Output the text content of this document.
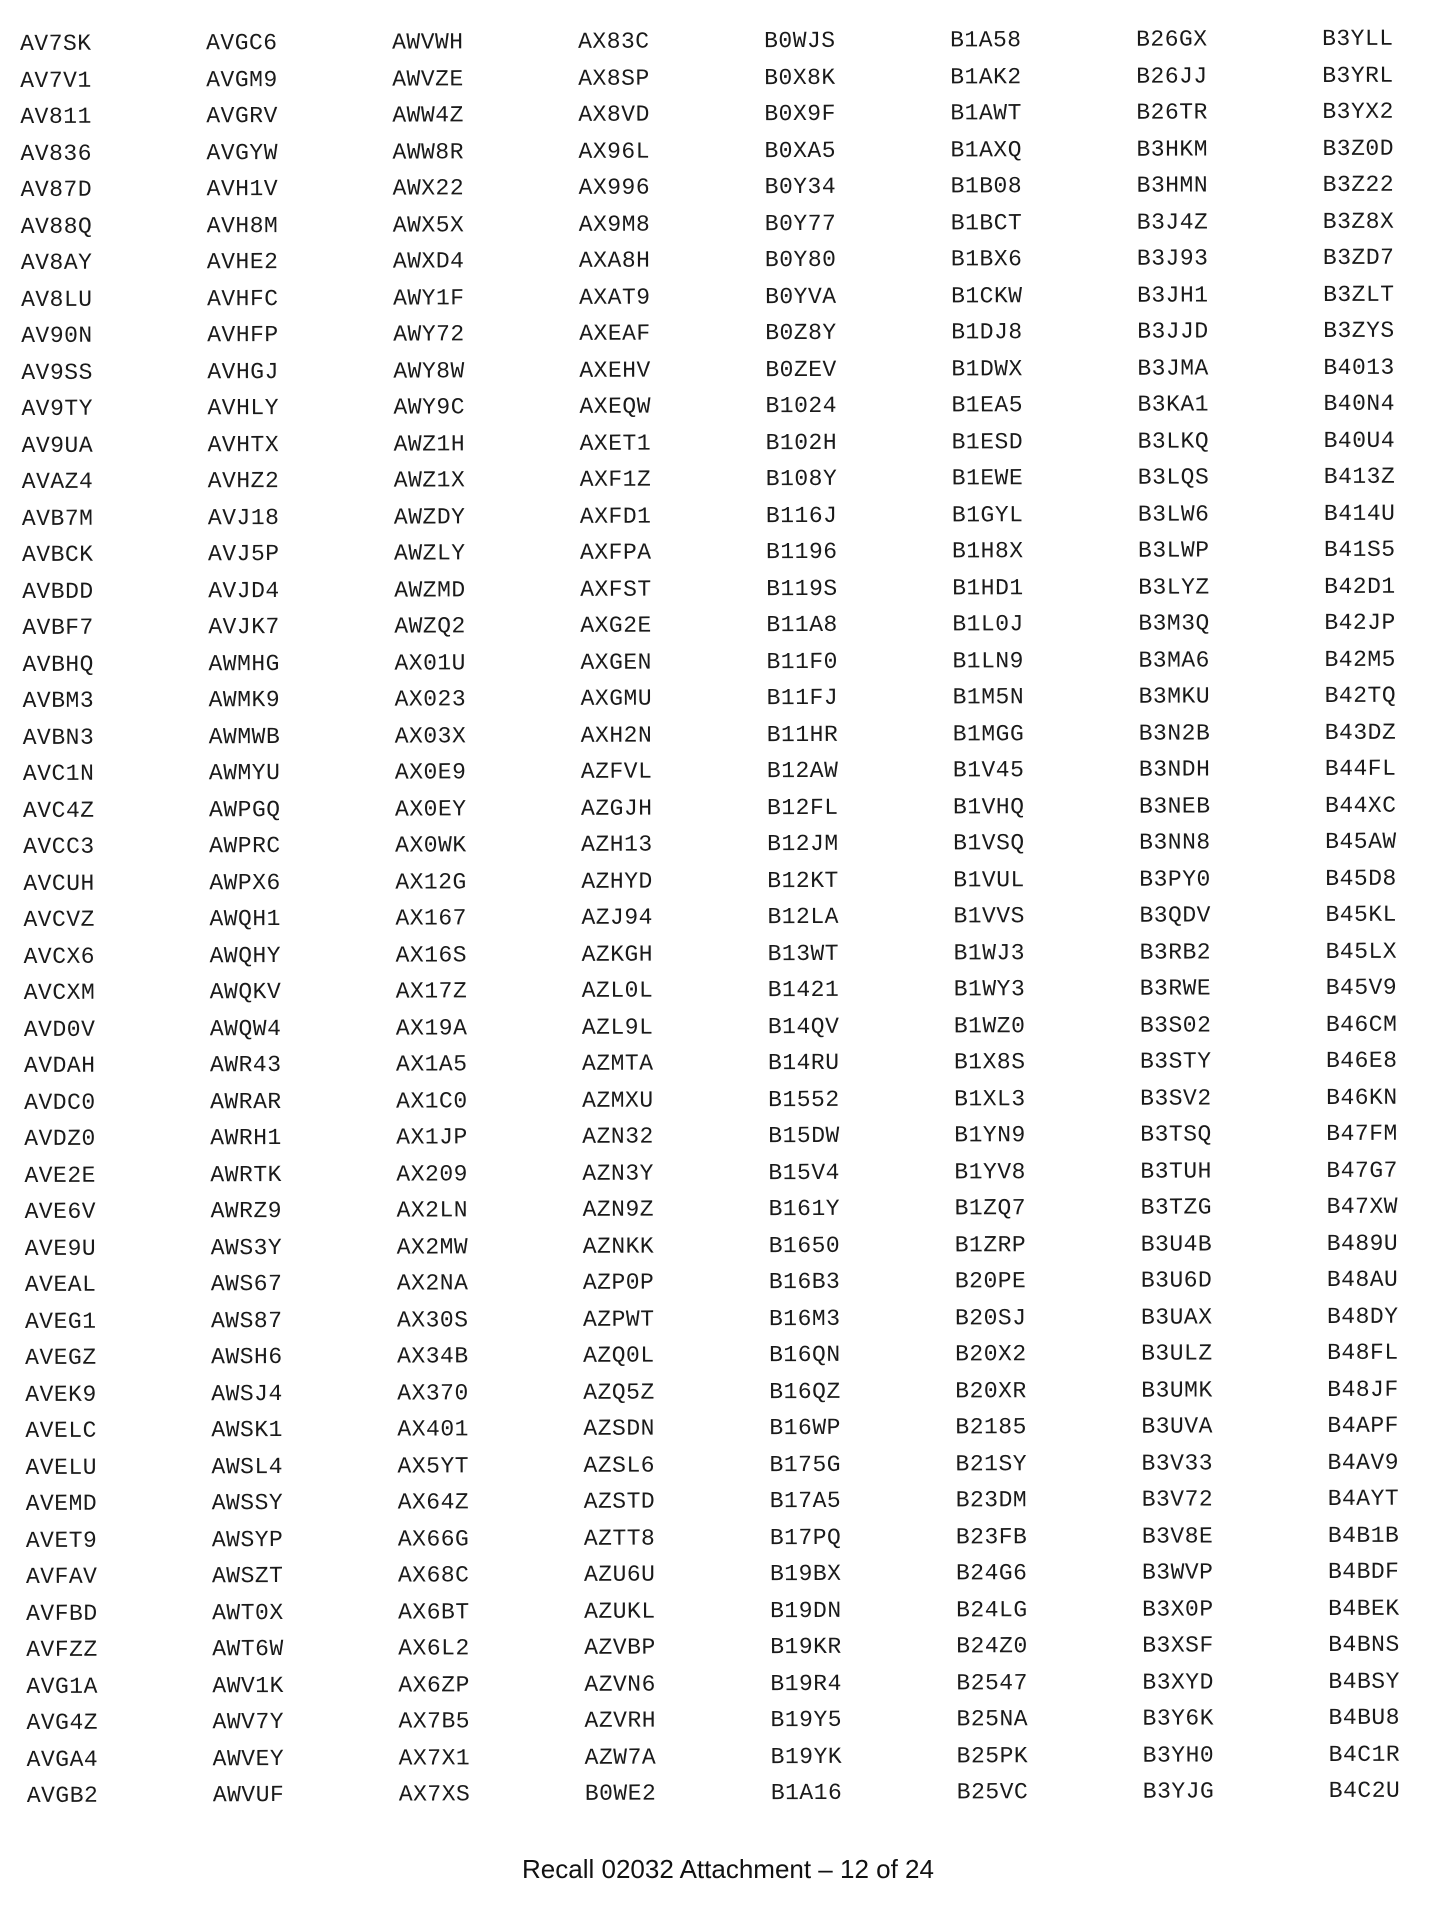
AV7SK
AV7V1
AV811
AV836
AV87D
AV88Q
AV8AY
AV8LU
AV90N
AV9SS
AV9TY
AV9UA
AVAZ4
AVB7M
AVBCK
AVBDD
AVBF7
AVBHQ
AVBM3
AVBN3
AVC1N
AVC4Z
AVCC3
AVCUH
AVCVZ
AVCX6
AVCXM
AVD0V
AVDAH
AVDC0
AVDZ0
AVE2E
AVE6V
AVE9U
AVEAL
AVEG1
AVEGZ
AVEK9
AVELC
AVELU
AVEMD
AVET9
AVFAV
AVFBD
AVFZZ
AVG1A
AVG4Z
AVGA4
AVGB2
AVGC6
AVGM9
AVGRV
AVGYW
AVH1V
AVH8M
AVHE2
AVHFC
AVHFP
AVHGJ
AVHLY
AVHTX
AVHZ2
AVJ18
AVJ5P
AVJD4
AVJK7
AWMHG
AWMK9
AWMWB
AWMYU
AWPGQ
AWPRC
AWPX6
AWQH1
AWQHY
AWQKV
AWQW4
AWR43
AWRAR
AWRH1
AWRTK
AWRZ9
AWS3Y
AWS67
AWS87
AWSH6
AWSJ4
AWSK1
AWSL4
AWSSY
AWSYP
AWSZT
AWT0X
AWT6W
AWV1K
AWV7Y
AWVEY
AWVUF
AWVWH
AWVZE
AWW4Z
AWW8R
AWX22
AWX5X
AWXD4
AWY1F
AWY72
AWY8W
AWY9C
AWZ1H
AWZ1X
AWZDY
AWZLY
AWZMD
AWZQ2
AX01U
AX023
AX03X
AX0E9
AX0EY
AX0WK
AX12G
AX167
AX16S
AX17Z
AX19A
AX1A5
AX1C0
AX1JP
AX209
AX2LN
AX2MW
AX2NA
AX30S
AX34B
AX370
AX401
AX5YT
AX64Z
AX66G
AX68C
AX6BT
AX6L2
AX6ZP
AX7B5
AX7X1
AX7XS
AX83C
AX8SP
AX8VD
AX96L
AX996
AX9M8
AXA8H
AXAT9
AXEAF
AXEHV
AXEQW
AXET1
AXF1Z
AXFD1
AXFPA
AXFST
AXG2E
AXGEN
AXGMU
AXH2N
AZFVL
AZGJH
AZH13
AZHYD
AZJ94
AZKGH
AZL0L
AZL9L
AZMTA
AZMXU
AZN32
AZN3Y
AZN9Z
AZNKK
AZP0P
AZPWT
AZQ0L
AZQ5Z
AZSDN
AZSL6
AZSTD
AZTT8
AZU6U
AZUKL
AZVBP
AZVN6
AZVRH
AZW7A
B0WE2
B0WJS
B0X8K
B0X9F
B0XA5
B0Y34
B0Y77
B0Y80
B0YVA
B0Z8Y
B0ZEV
B1024
B102H
B108Y
B116J
B1196
B119S
B11A8
B11F0
B11FJ
B11HR
B12AW
B12FL
B12JM
B12KT
B12LA
B13WT
B1421
B14QV
B14RU
B1552
B15DW
B15V4
B161Y
B1650
B16B3
B16M3
B16QN
B16QZ
B16WP
B175G
B17A5
B17PQ
B19BX
B19DN
B19KR
B19R4
B19Y5
B19YK
B1A16
B1A58
B1AK2
B1AWT
B1AXQ
B1B08
B1BCT
B1BX6
B1CKW
B1DJ8
B1DWX
B1EA5
B1ESD
B1EWE
B1GYL
B1H8X
B1HD1
B1L0J
B1LN9
B1M5N
B1MGG
B1V45
B1VHQ
B1VSQ
B1VUL
B1VVS
B1WJ3
B1WY3
B1WZ0
B1X8S
B1XL3
B1YN9
B1YV8
B1ZQ7
B1ZRP
B20PE
B20SJ
B20X2
B20XR
B2185
B21SY
B23DM
B23FB
B24G6
B24LG
B24Z0
B2547
B25NA
B25PK
B25VC
B26GX
B26JJ
B26TR
B3HKM
B3HMN
B3J4Z
B3J93
B3JH1
B3JJD
B3JMA
B3KA1
B3LKQ
B3LQS
B3LW6
B3LWP
B3LYZ
B3M3Q
B3MA6
B3MKU
B3N2B
B3NDH
B3NEB
B3NN8
B3PY0
B3QDV
B3RB2
B3RWE
B3S02
B3STY
B3SV2
B3TSQ
B3TUH
B3TZG
B3U4B
B3U6D
B3UAX
B3ULZ
B3UMK
B3UVA
B3V33
B3V72
B3V8E
B3WVP
B3X0P
B3XSF
B3XYD
B3Y6K
B3YH0
B3YJG
B3YLL
B3YRL
B3YX2
B3Z0D
B3Z22
B3Z8X
B3ZD7
B3ZLT
B3ZYS
B4013
B40N4
B40U4
B413Z
B414U
B41S5
B42D1
B42JP
B42M5
B42TQ
B43DZ
B44FL
B44XC
B45AW
B45D8
B45KL
B45LX
B45V9
B46CM
B46E8
B46KN
B47FM
B47G7
B47XW
B489U
B48AU
B48DY
B48FL
B48JF
B4APF
B4AV9
B4AYT
B4B1B
B4BDF
B4BEK
B4BNS
B4BSY
B4BU8
B4C1R
B4C2U
Recall 02032 Attachment – 12 of 24
